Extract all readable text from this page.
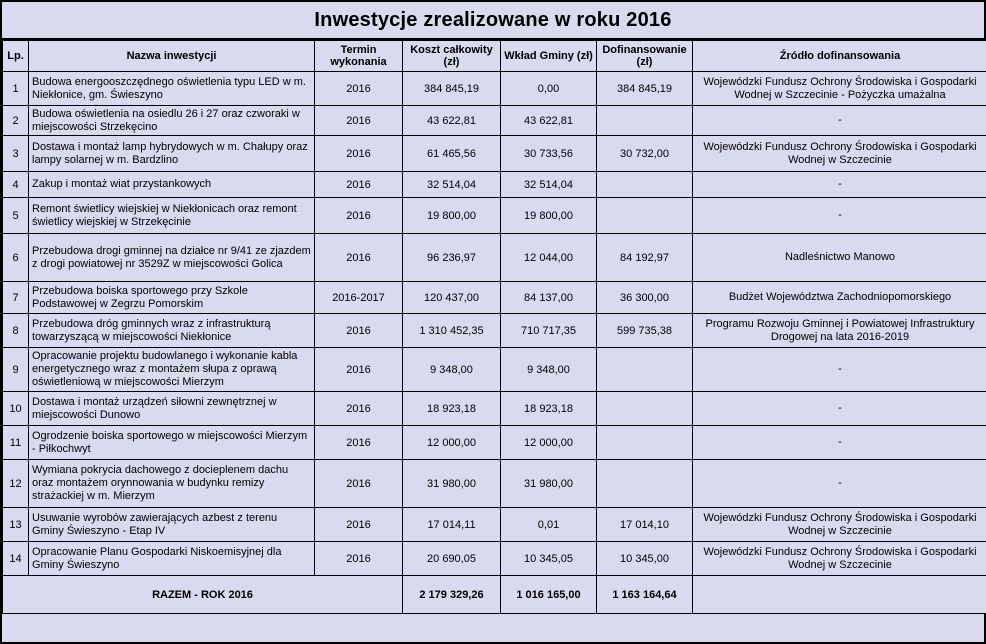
Inwestycje zrealizowane w roku 2016
Lp.	Nazwa inwestycji	Termin wykonania	Koszt całkowity (zł)	Wkład Gminy (zł)	Dofinansowanie (zł)	Źródło dofinansowania
1	Budowa energooszczędnego oświetlenia typu LED w m. Niekłonice, gm. Świeszyno	2016	384 845,19	0,00	384 845,19	Wojewódzki Fundusz Ochrony Środowiska i Gospodarki Wodnej w Szczecinie - Pożyczka umażalna
2	Budowa oświetlenia na osiedlu 26 i 27 oraz czworaki w miejscowości Strzekęcino	2016	43 622,81	43 622,81		-
3	Dostawa i montaż lamp hybrydowych w m. Chałupy oraz lampy solarnej w m. Bardzlino	2016	61 465,56	30 733,56	30 732,00	Wojewódzki Fundusz Ochrony Środowiska i Gospodarki Wodnej w Szczecinie
4	Zakup i montaż wiat przystankowych	2016	32 514,04	32 514,04		-
5	Remont świetlicy wiejskiej w Niekłonicach oraz remont świetlicy wiejskiej w Strzekęcinie	2016	19 800,00	19 800,00		-
6	Przebudowa drogi gminnej na działce nr 9/41 ze zjazdem z drogi powiatowej nr 3529Z w miejscowości Golica	2016	96 236,97	12 044,00	84 192,97	Nadleśnictwo Manowo
7	Przebudowa boiska sportowego przy Szkole Podstawowej w Zegrzu Pomorskim	2016-2017	120 437,00	84 137,00	36 300,00	Budżet Województwa Zachodniopomorskiego
8	Przebudowa dróg gminnych wraz z infrastrukturą towarzyszącą w miejscowości Niekłonice	2016	1 310 452,35	710 717,35	599 735,38	Programu Rozwoju Gminnej i Powiatowej Infrastruktury Drogowej na lata 2016-2019
9	Opracowanie projektu budowlanego i wykonanie kabla energetycznego wraz z montażem słupa z oprawą oświetleniową w miejscowości Mierzym	2016	9 348,00	9 348,00		-
10	Dostawa i montaż urządzeń siłowni zewnętrznej w miejscowości Dunowo	2016	18 923,18	18 923,18		-
11	Ogrodzenie boiska sportowego w miejscowości Mierzym - Piłkochwyt	2016	12 000,00	12 000,00		-
12	Wymiana pokrycia dachowego z docieplenem dachu oraz montażem orynnowania w budynku remizy strażackiej w m. Mierzym	2016	31 980,00	31 980,00		-
13	Usuwanie wyrobów zawierających azbest z terenu Gminy Świeszyno - Etap IV	2016	17 014,11	0,01	17 014,10	Wojewódzki Fundusz Ochrony Środowiska i Gospodarki Wodnej w Szczecinie
14	Opracowanie Planu Gospodarki Niskoemisyjnej dla Gminy Świeszyno	2016	20 690,05	10 345,05	10 345,00	Wojewódzki Fundusz Ochrony Środowiska i Gospodarki Wodnej w Szczecinie
RAZEM - ROK 2016			2 179 329,26	1 016 165,00	1 163 164,64	
